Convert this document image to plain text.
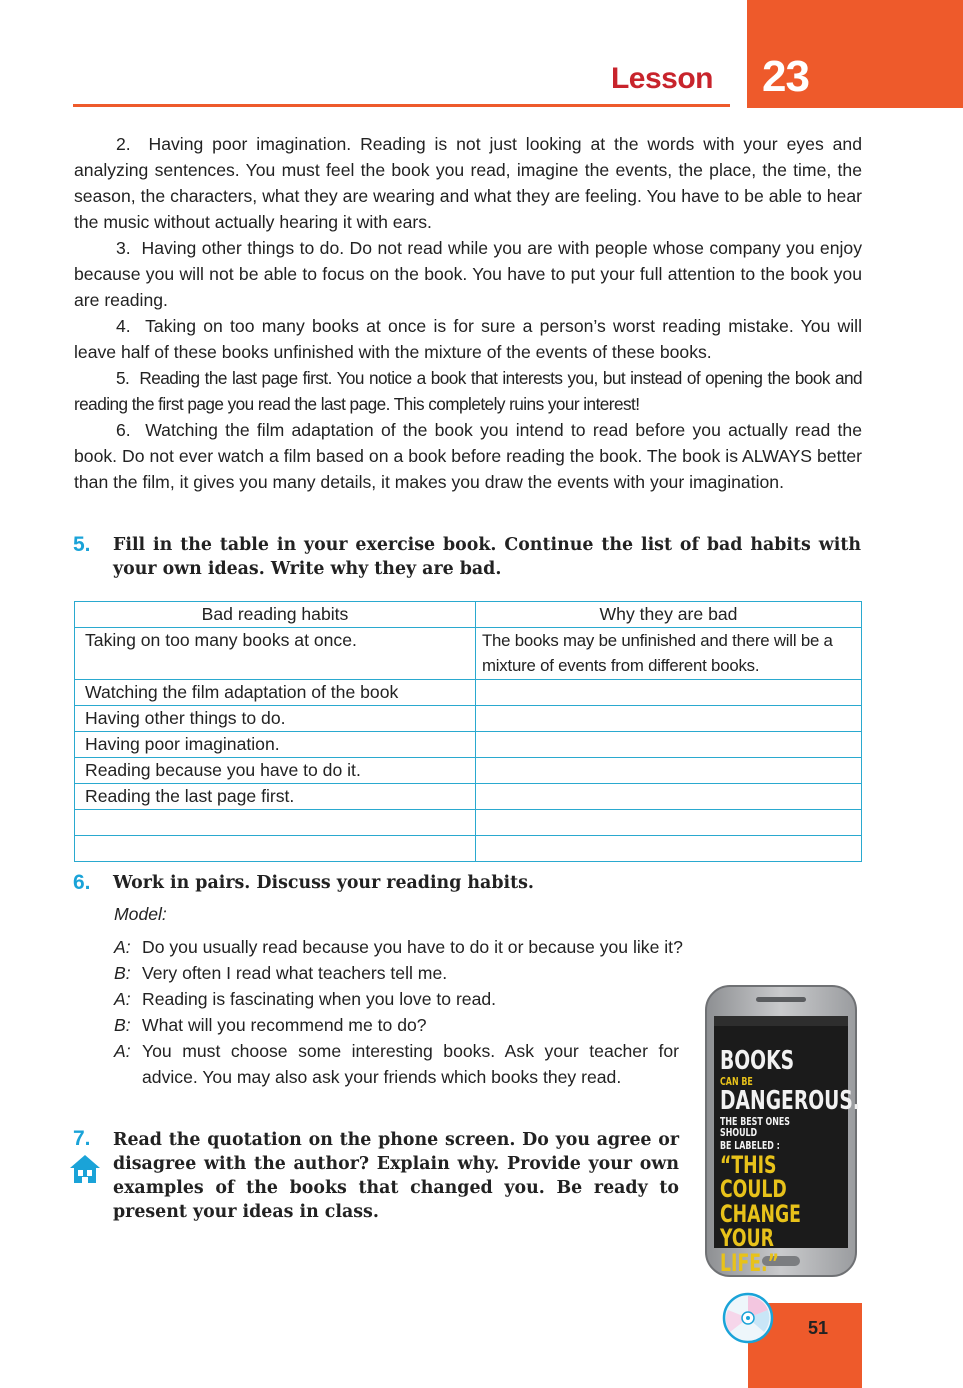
23
Lesson

2.  Having poor imagination. Reading is not just looking at the words with your eyes and analyzing sentences. You must feel the book you read, imagine the events, the place, the time, the season, the characters, what they are wearing and what they are feeling. You have to be able to hear the music without actually hearing it with ears.

3.  Having other things to do. Do not read while you are with people whose company you enjoy because you will not be able to focus on the book. You have to put your full attention to the book you are reading.

4.  Taking on too many books at once is for sure a person’s worst reading mistake. You will leave half of these books unfinished with the mixture of the events of these books.

5.  Reading the last page first. You notice a book that interests you, but instead of opening the book and reading the first page you read the last page. This completely ruins your interest!

6.  Watching the film adaptation of the book you intend to read before you actually read the book. Do not ever watch a film based on a book before reading the book. The book is ALWAYS better than the film, it gives you many details, it makes you draw the events with your imagination.

5. Fill in the table in your exercise book. Continue the list of bad habits with your own ideas. Write why they are bad.

Bad reading habits	Why they are bad
Taking on too many books at once.	The books may be unfinished and there will be a mixture of events from different books.
Watching the film adaptation of the book	
Having other things to do.	
Having poor imagination.	
Reading because you have to do it.	
Reading the last page first.	

6. Work in pairs. Discuss your reading habits.

Model:
A: Do you usually read because you have to do it or because you like it?
B: Very often I read what teachers tell me.
A: Reading is fascinating when you love to read.
B: What will you recommend me to do?
A: You must choose some interesting books. Ask your teacher for advice. You may also ask your friends which books they read.

7. Read the quotation on the phone screen. Do you agree or disagree with the author? Explain why. Provide your own examples of the books that changed you. Be ready to present your ideas in class.

BOOKS
CAN BE
DANGEROUS.
THE BEST ONES SHOULD
BE LABELED :
“THIS COULD
CHANGE YOUR
LIFE.”
51
